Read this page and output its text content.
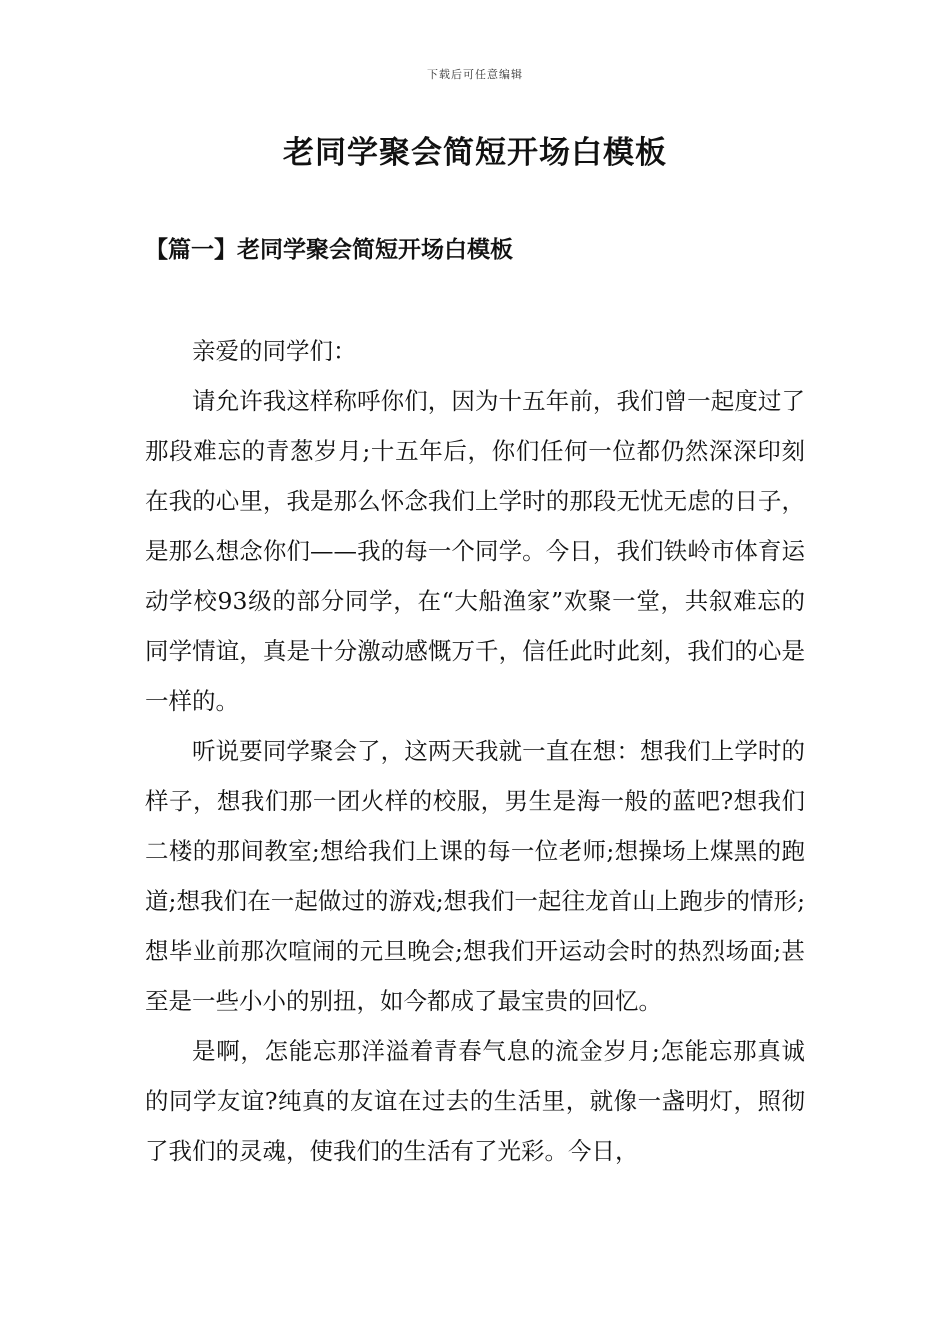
下载后可任意编辑
老同学聚会简短开场白模板
【篇一】老同学聚会简短开场白模板

亲爱的同学们：

请允许我这样称呼你们，因为十五年前，我们曾一起度过了那段难忘的青葱岁月;十五年后，你们任何一位都仍然深深印刻在我的心里，我是那么怀念我们上学时的那段无忧无虑的日子，是那么想念你们——我的每一个同学。今日，我们铁岭市体育运动学校93级的部分同学，在“大船渔家”欢聚一堂，共叙难忘的同学情谊，真是十分激动感慨万千，信任此时此刻，我们的心是一样的。

听说要同学聚会了，这两天我就一直在想：想我们上学时的样子，想我们那一团火样的校服，男生是海一般的蓝吧?想我们二楼的那间教室;想给我们上课的每一位老师;想操场上煤黑的跑道;想我们在一起做过的游戏;想我们一起往龙首山上跑步的情形;想毕业前那次喧闹的元旦晚会;想我们开运动会时的热烈场面;甚至是一些小小的别扭，如今都成了最宝贵的回忆。

是啊，怎能忘那洋溢着青春气息的流金岁月;怎能忘那真诚的同学友谊?纯真的友谊在过去的生活里，就像一盏明灯，照彻了我们的灵魂，使我们的生活有了光彩。今日，
